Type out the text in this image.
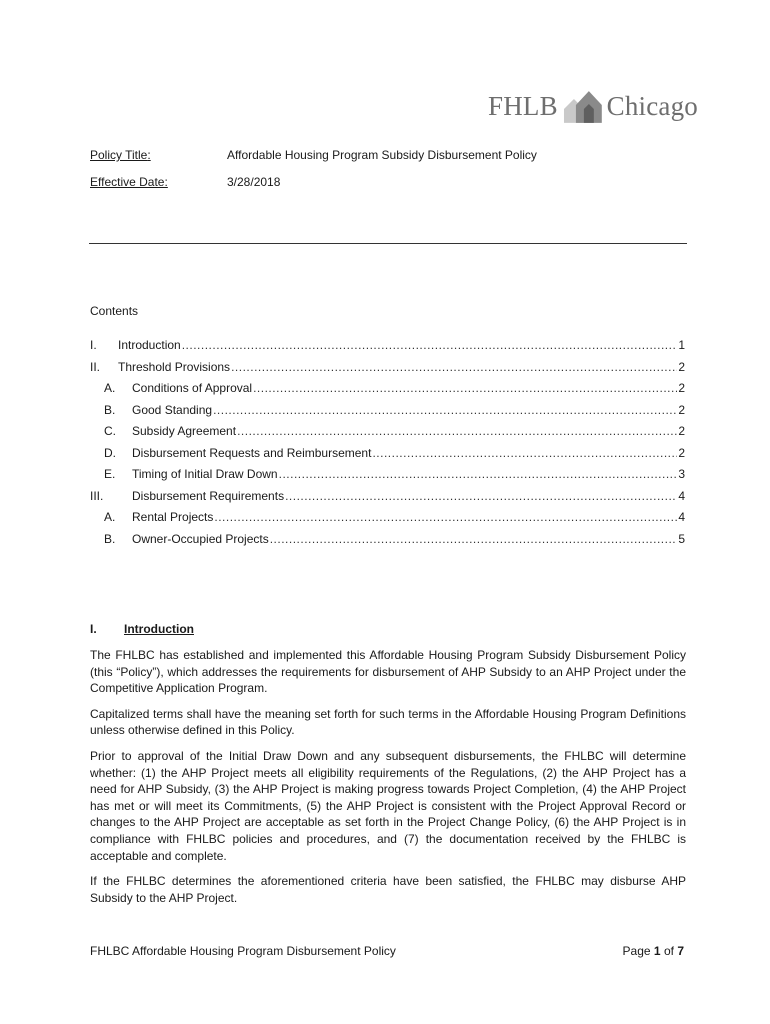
FHLB Chicago
Policy Title:	Affordable Housing Program Subsidy Disbursement Policy
Effective Date:	3/28/2018
Contents
I.	Introduction .....	1
II.	Threshold Provisions .....	2
A.	Conditions of Approval .....	2
B.	Good Standing .....	2
C.	Subsidy Agreement .....	2
D.	Disbursement Requests and Reimbursement .....	2
E.	Timing of Initial Draw Down .....	3
III.	Disbursement Requirements .....	4
A.	Rental Projects .....	4
B.	Owner-Occupied Projects .....	5
I.	Introduction

The FHLBC has established and implemented this Affordable Housing Program Subsidy Disbursement Policy (this “Policy”), which addresses the requirements for disbursement of AHP Subsidy to an AHP Project under the Competitive Application Program.

Capitalized terms shall have the meaning set forth for such terms in the Affordable Housing Program Definitions unless otherwise defined in this Policy.

Prior to approval of the Initial Draw Down and any subsequent disbursements, the FHLBC will determine whether: (1) the AHP Project meets all eligibility requirements of the Regulations, (2) the AHP Project has a need for AHP Subsidy, (3) the AHP Project is making progress towards Project Completion, (4) the AHP Project has met or will meet its Commitments, (5) the AHP Project is consistent with the Project Approval Record or changes to the AHP Project are acceptable as set forth in the Project Change Policy, (6) the AHP Project is in compliance with FHLBC policies and procedures, and (7) the documentation received by the FHLBC is acceptable and complete.

If the FHLBC determines the aforementioned criteria have been satisfied, the FHLBC may disburse AHP Subsidy to the AHP Project.

FHLBC Affordable Housing Program Disbursement Policy	Page 1 of 7
